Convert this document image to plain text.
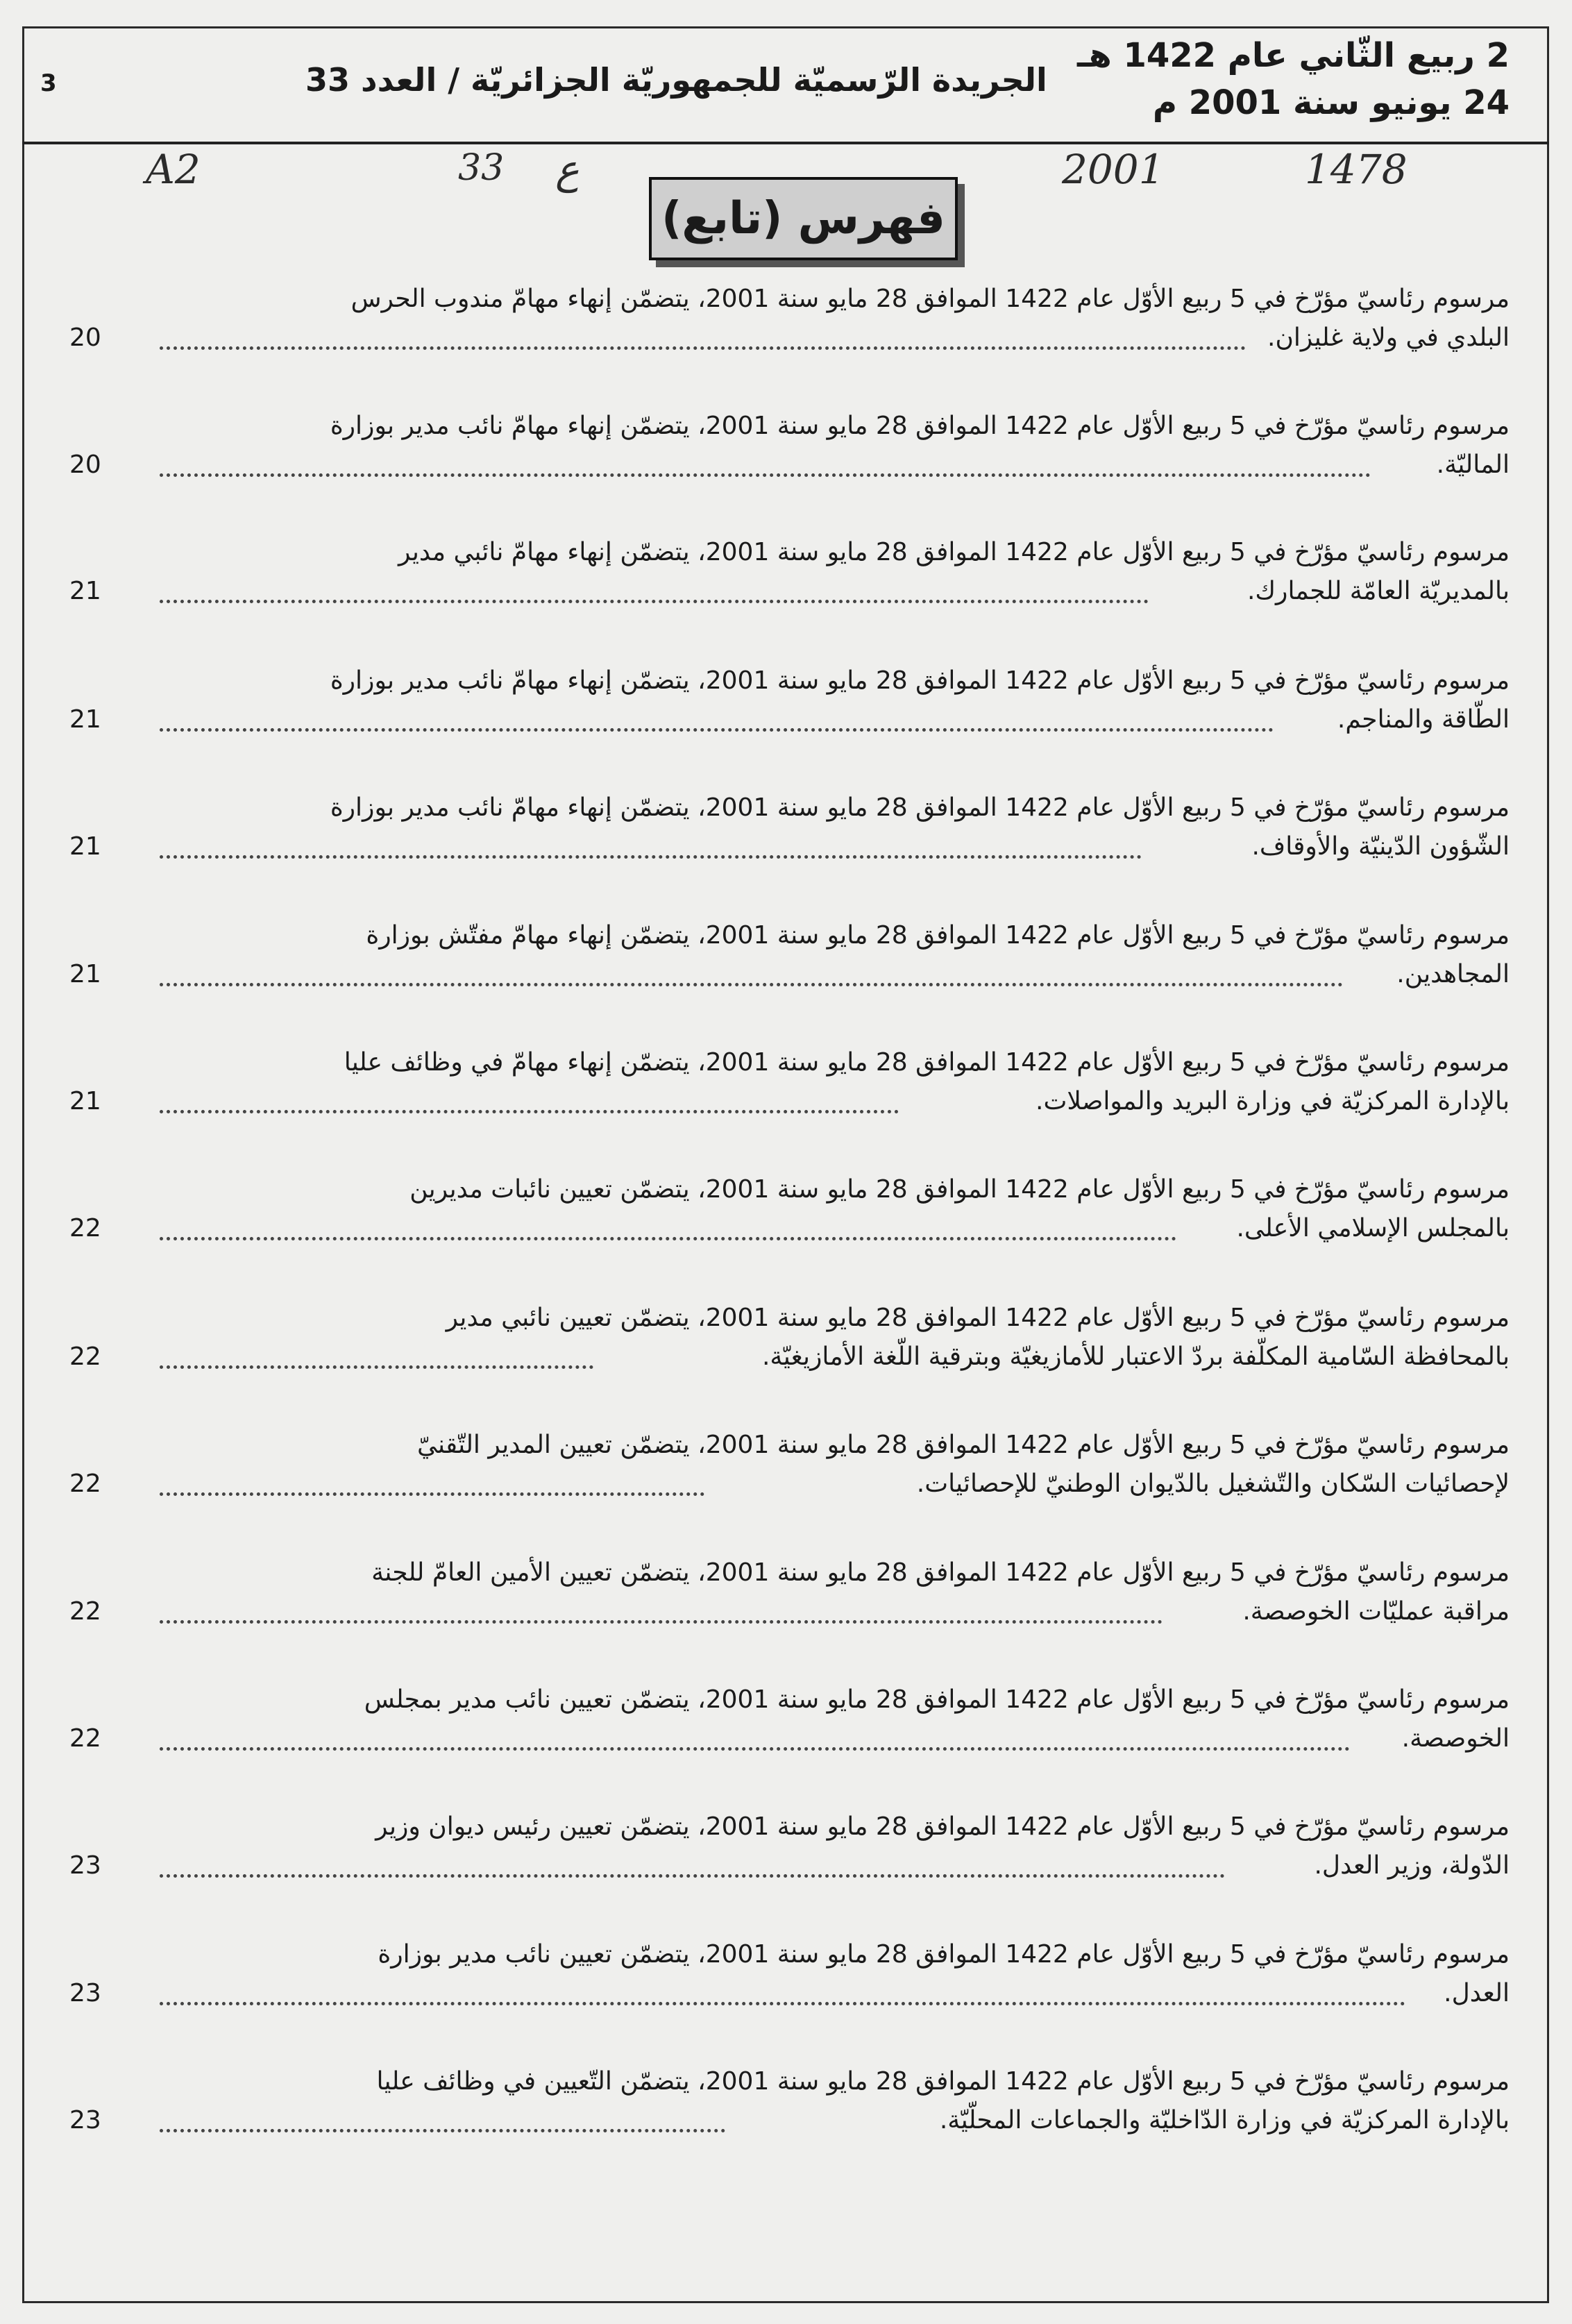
3	الجريدة الرّسميّة للجمهوريّة الجزائريّة / العدد 33
2 ربيع الثّاني عام 1422 هـ
24 يونيو سنة 2001 م
A2	33 ع	2001	1478
فهرس (تابع)
مرسوم رئاسيّ مؤرّخ في 5 ربيع الأوّل عام 1422 الموافق 28 مايو سنة 2001، يتضمّن إنهاء مهامّ مندوب الحرس
20	البلدي في ولاية غليزان.
مرسوم رئاسيّ مؤرّخ في 5 ربيع الأوّل عام 1422 الموافق 28 مايو سنة 2001، يتضمّن إنهاء مهامّ نائب مدير بوزارة
20	الماليّة.
مرسوم رئاسيّ مؤرّخ في 5 ربيع الأوّل عام 1422 الموافق 28 مايو سنة 2001، يتضمّن إنهاء مهامّ نائبي مدير
21	بالمديريّة العامّة للجمارك.
مرسوم رئاسيّ مؤرّخ في 5 ربيع الأوّل عام 1422 الموافق 28 مايو سنة 2001، يتضمّن إنهاء مهامّ نائب مدير بوزارة
21	الطّاقة والمناجم.
مرسوم رئاسيّ مؤرّخ في 5 ربيع الأوّل عام 1422 الموافق 28 مايو سنة 2001، يتضمّن إنهاء مهامّ نائب مدير بوزارة
21	الشّؤون الدّينيّة والأوقاف.
مرسوم رئاسيّ مؤرّخ في 5 ربيع الأوّل عام 1422 الموافق 28 مايو سنة 2001، يتضمّن إنهاء مهامّ مفتّش بوزارة
21	المجاهدين.
مرسوم رئاسيّ مؤرّخ في 5 ربيع الأوّل عام 1422 الموافق 28 مايو سنة 2001، يتضمّن إنهاء مهامّ في وظائف عليا
21	بالإدارة المركزيّة في وزارة البريد والمواصلات.
مرسوم رئاسيّ مؤرّخ في 5 ربيع الأوّل عام 1422 الموافق 28 مايو سنة 2001، يتضمّن تعيين نائبات مديرين
22	بالمجلس الإسلامي الأعلى.
مرسوم رئاسيّ مؤرّخ في 5 ربيع الأوّل عام 1422 الموافق 28 مايو سنة 2001، يتضمّن تعيين نائبي مدير
22	بالمحافظة السّامية المكلّفة بردّ الاعتبار للأمازيغيّة وبترقية اللّغة الأمازيغيّة.
مرسوم رئاسيّ مؤرّخ في 5 ربيع الأوّل عام 1422 الموافق 28 مايو سنة 2001، يتضمّن تعيين المدير التّقنيّ
22	لإحصائيات السّكان والتّشغيل بالدّيوان الوطنيّ للإحصائيات.
مرسوم رئاسيّ مؤرّخ في 5 ربيع الأوّل عام 1422 الموافق 28 مايو سنة 2001، يتضمّن تعيين الأمين العامّ للجنة
22	مراقبة عمليّات الخوصصة.
مرسوم رئاسيّ مؤرّخ في 5 ربيع الأوّل عام 1422 الموافق 28 مايو سنة 2001، يتضمّن تعيين نائب مدير بمجلس
22	الخوصصة.
مرسوم رئاسيّ مؤرّخ في 5 ربيع الأوّل عام 1422 الموافق 28 مايو سنة 2001، يتضمّن تعيين رئيس ديوان وزير
23	الدّولة، وزير العدل.
مرسوم رئاسيّ مؤرّخ في 5 ربيع الأوّل عام 1422 الموافق 28 مايو سنة 2001، يتضمّن تعيين نائب مدير بوزارة
23	العدل.
مرسوم رئاسيّ مؤرّخ في 5 ربيع الأوّل عام 1422 الموافق 28 مايو سنة 2001، يتضمّن التّعيين في وظائف عليا
23	بالإدارة المركزيّة في وزارة الدّاخليّة والجماعات المحلّيّة.
